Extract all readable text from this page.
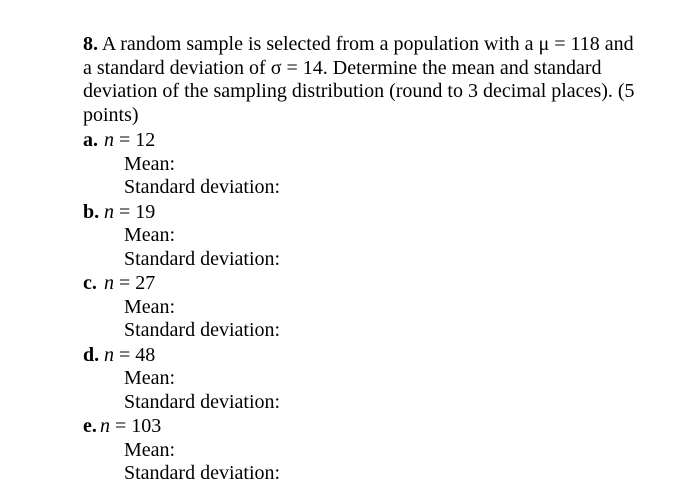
8. A random sample is selected from a population with a μ = 118 and a standard deviation of σ = 14. Determine the mean and standard deviation of the sampling distribution (round to 3 decimal places). (5 points)
a. n = 12
Mean:
Standard deviation:
b. n = 19
Mean:
Standard deviation:
c. n = 27
Mean:
Standard deviation:
d. n = 48
Mean:
Standard deviation:
e. n = 103
Mean:
Standard deviation:
